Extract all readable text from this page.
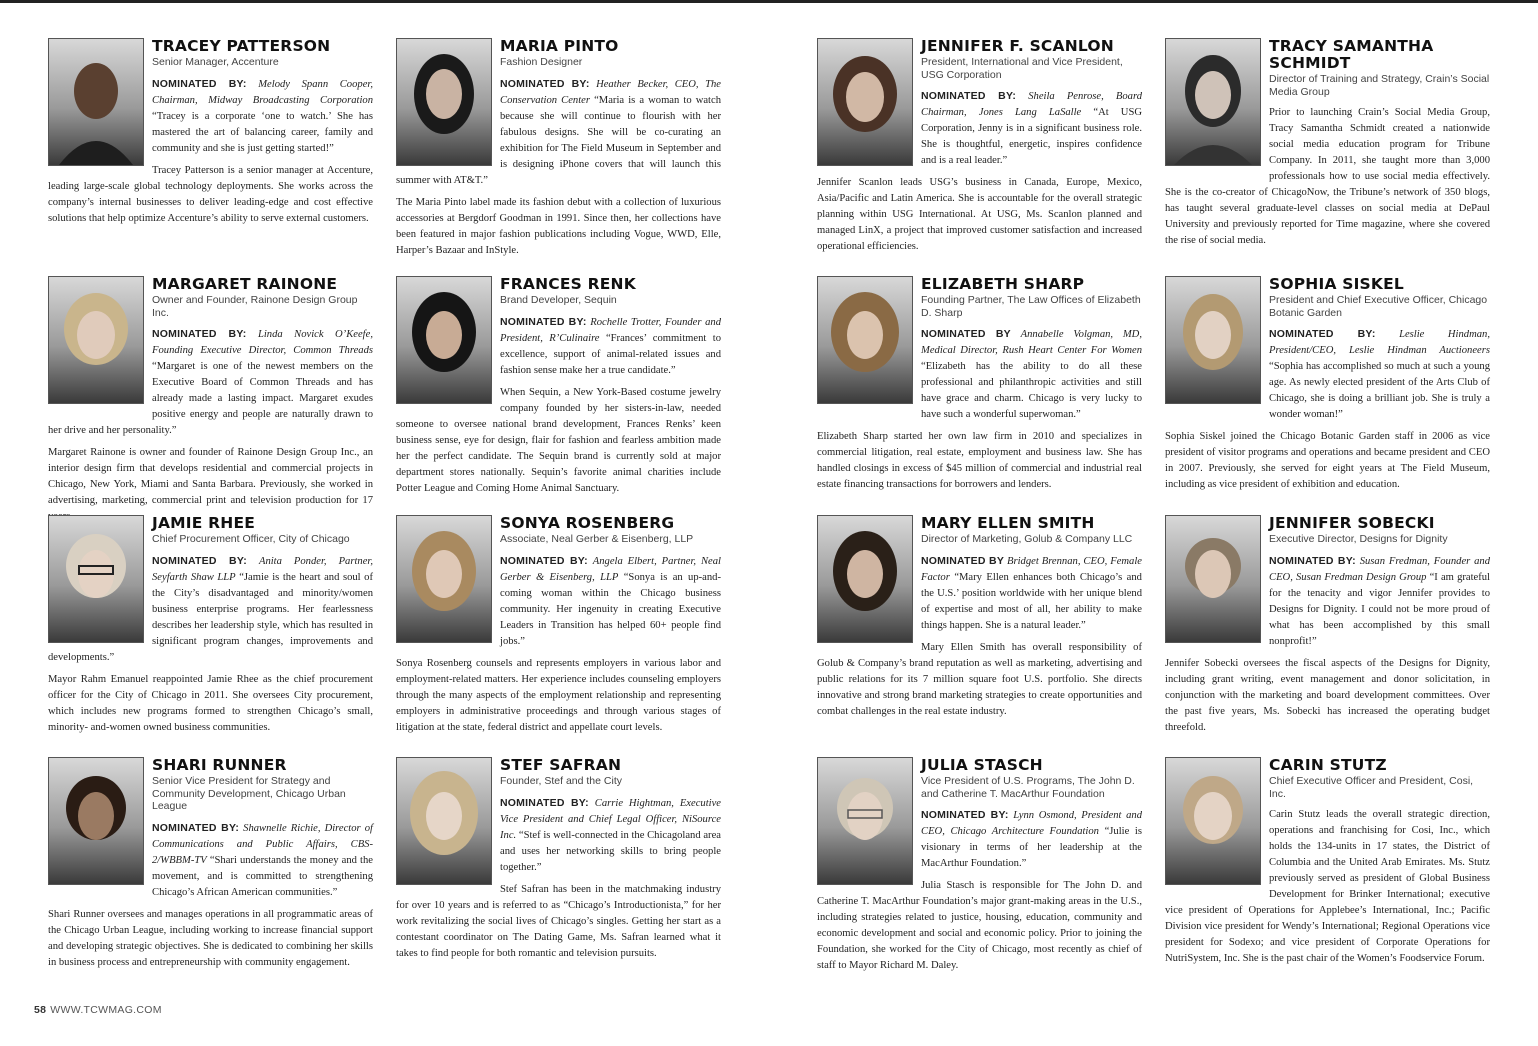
TRACEY PATTERSON
Senior Manager, Accenture

NOMINATED BY: Melody Spann Cooper, Chairman, Midway Broadcasting Corporation “Tracey is a corporate ‘one to watch.’ She has mastered the art of balancing career, family and community and she is just getting started!”

Tracey Patterson is a senior manager at Accenture, leading large-scale global technology deployments. She works across the company’s internal businesses to deliver leading-edge and cost effective solutions that help optimize Accenture’s ability to serve external customers.

MARIA PINTO
Fashion Designer

NOMINATED BY: Heather Becker, CEO, The Conservation Center “Maria is a woman to watch because she will continue to flourish with her fabulous designs. She will be co-curating an exhibition for The Field Museum in September and is designing iPhone covers that will launch this summer with AT&T.”

The Maria Pinto label made its fashion debut with a collection of luxurious accessories at Bergdorf Goodman in 1991. Since then, her collections have been featured in major fashion publications including Vogue, WWD, Elle, Harper’s Bazaar and InStyle.

JENNIFER F. SCANLON
President, International and Vice President, USG Corporation

NOMINATED BY: Sheila Penrose, Board Chairman, Jones Lang LaSalle “At USG Corporation, Jenny is in a significant business role. She is thoughtful, energetic, inspires confidence and is a real leader.”

Jennifer Scanlon leads USG’s business in Canada, Europe, Mexico, Asia/Pacific and Latin America. She is accountable for the overall strategic planning within USG International. At USG, Ms. Scanlon planned and managed LinX, a project that improved customer satisfaction and increased operational efficiencies.

TRACY SAMANTHA SCHMIDT
Director of Training and Strategy, Crain’s Social Media Group

Prior to launching Crain’s Social Media Group, Tracy Samantha Schmidt created a nationwide social media education program for Tribune Company. In 2011, she taught more than 3,000 professionals how to use social media effectively. She is the co-creator of ChicagoNow, the Tribune’s network of 350 blogs, has taught several graduate-level classes on social media at DePaul University and previously reported for Time magazine, where she covered the rise of social media.

MARGARET RAINONE
Owner and Founder, Rainone Design Group Inc.

NOMINATED BY: Linda Novick O’Keefe, Founding Executive Director, Common Threads “Margaret is one of the newest members on the Executive Board of Common Threads and has already made a lasting impact. Margaret exudes positive energy and people are naturally drawn to her drive and her personality.”

Margaret Rainone is owner and founder of Rainone Design Group Inc., an interior design firm that develops residential and commercial projects in Chicago, New York, Miami and Santa Barbara. Previously, she worked in advertising, marketing, commercial print and television production for 17

FRANCES RENK
Brand Developer, Sequin

NOMINATED BY: Rochelle Trotter, Founder and President, R’Culinaire “Frances’ commitment to excellence, support of animal-related issues and fashion sense make her a true candidate.”

When Sequin, a New York-Based costume jewelry company founded by her sisters-in-law, needed someone to oversee national brand development, Frances Renks’ keen business sense, eye for design, flair for fashion and fearless ambition made her the perfect candidate. The Sequin brand is currently sold at major department stores nationally. Sequin’s favorite animal charities include Potter League and Coming Home Animal Sanctuary.

ELIZABETH SHARP
Founding Partner, The Law Offices of Elizabeth D. Sharp

NOMINATED BY Annabelle Volgman, MD, Medical Director, Rush Heart Center For Women “Elizabeth has the ability to do all these professional and philanthropic activities and still have grace and charm. Chicago is very lucky to have such a wonderful superwoman.”

Elizabeth Sharp started her own law firm in 2010 and specializes in commercial litigation, real estate, employment and business law. She has handled closings in excess of $45 million of commercial and industrial real estate financing transactions for borrowers and lenders.

SOPHIA SISKEL
President and Chief Executive Officer, Chicago Botanic Garden

NOMINATED BY: Leslie Hindman, President/CEO, Leslie Hindman Auctioneers “Sophia has accomplished so much at such a young age. As newly elected president of the Arts Club of Chicago, she is doing a brilliant job. She is truly a wonder woman!”

Sophia Siskel joined the Chicago Botanic Garden staff in 2006 as vice president of visitor programs and operations and became president and CEO in 2007. Previously, she served for eight years at The Field Museum, including as vice president of exhibition and education.

JAMIE RHEE
Chief Procurement Officer, City of Chicago

NOMINATED BY: Anita Ponder, Partner, Seyfarth Shaw LLP “Jamie is the heart and soul of the City’s disadvantaged and minority/women business enterprise programs. Her fearlessness describes her leadership style, which has resulted in significant program changes, improvements and developments.”

Mayor Rahm Emanuel reappointed Jamie Rhee as the chief procurement officer for the City of Chicago in 2011. She oversees City procurement, which includes new programs formed to strengthen Chicago’s small, minority- and-women owned business communities.

SONYA ROSENBERG
Associate, Neal Gerber & Eisenberg, LLP

NOMINATED BY: Angela Elbert, Partner, Neal Gerber & Eisenberg, LLP “Sonya is an up-and-coming woman within the Chicago business community. Her ingenuity in creating Executive Leaders in Transition has helped 60+ people find jobs.”

Sonya Rosenberg counsels and represents employers in various labor and employment-related matters. Her experience includes counseling employers through the many aspects of the employment relationship and representing employers in administrative proceedings and through various stages of litigation at the state, federal district and appellate court levels.

MARY ELLEN SMITH
Director of Marketing, Golub & Company LLC

NOMINATED BY Bridget Brennan, CEO, Female Factor “Mary Ellen enhances both Chicago’s and the U.S.’ position worldwide with her unique blend of expertise and most of all, her ability to make things happen. She is a natural leader.”

Mary Ellen Smith has overall responsibility of Golub & Company’s brand reputation as well as marketing, advertising and public relations for its 7 million square foot U.S. portfolio. She directs innovative and strong brand marketing strategies to create opportunities and combat challenges in the real estate industry.

JENNIFER SOBECKI
Executive Director, Designs for Dignity

NOMINATED BY: Susan Fredman, Founder and CEO, Susan Fredman Design Group “I am grateful for the tenacity and vigor Jennifer provides to Designs for Dignity. I could not be more proud of what has been accomplished by this small nonprofit!”

Jennifer Sobecki oversees the fiscal aspects of the Designs for Dignity, including grant writing, event management and donor solicitation, in conjunction with the marketing and board development committees. Over the past five years, Ms. Sobecki has increased the operating budget threefold.

SHARI RUNNER
Senior Vice President for Strategy and Community Development, Chicago Urban League

NOMINATED BY: Shawnelle Richie, Director of Communications and Public Affairs, CBS-2/WBBM-TV “Shari understands the money and the movement, and is committed to strengthening Chicago’s African American communities.”

Shari Runner oversees and manages operations in all programmatic areas of the Chicago Urban League, including working to increase financial support and developing strategic objectives. She is dedicated to combining her skills in business process and entrepreneurship with community engagement.

STEF SAFRAN
Founder, Stef and the City

NOMINATED BY: Carrie Hightman, Executive Vice President and Chief Legal Officer, NiSource Inc. “Stef is well-connected in the Chicagoland area and uses her networking skills to bring people together.”

Stef Safran has been in the matchmaking industry for over 10 years and is referred to as “Chicago’s Introductionista,” for her work revitalizing the social lives of Chicago’s singles. Getting her start as a contestant coordinator on The Dating Game, Ms. Safran learned what it takes to find people for both romantic and television pursuits.

JULIA STASCH
Vice President of U.S. Programs, The John D. and Catherine T. MacArthur Foundation

NOMINATED BY: Lynn Osmond, President and CEO, Chicago Architecture Foundation “Julie is visionary in terms of her leadership at the MacArthur Foundation.”

Julia Stasch is responsible for The John D. and Catherine T. MacArthur Foundation’s major grant-making areas in the U.S., including strategies related to justice, housing, education, community and economic development and social and economic policy. Prior to joining the Foundation, she worked for the City of Chicago, most recently as chief of staff to Mayor Richard M. Daley.

CARIN STUTZ
Chief Executive Officer and President, Cosi, Inc.

Carin Stutz leads the overall strategic direction, operations and franchising for Cosi, Inc., which holds the 134-units in 17 states, the District of Columbia and the United Arab Emirates. Ms. Stutz previously served as president of Global Business Development for Brinker International; executive vice president of Operations for Applebee’s International, Inc.; Pacific Division vice president for Wendy’s International; Regional Operations vice president for Sodexo; and vice president of Corporate Operations for NutriSystem, Inc. She is the past chair of the Women’s Foodservice Forum.

58 WWW.TCWMAG.COM
